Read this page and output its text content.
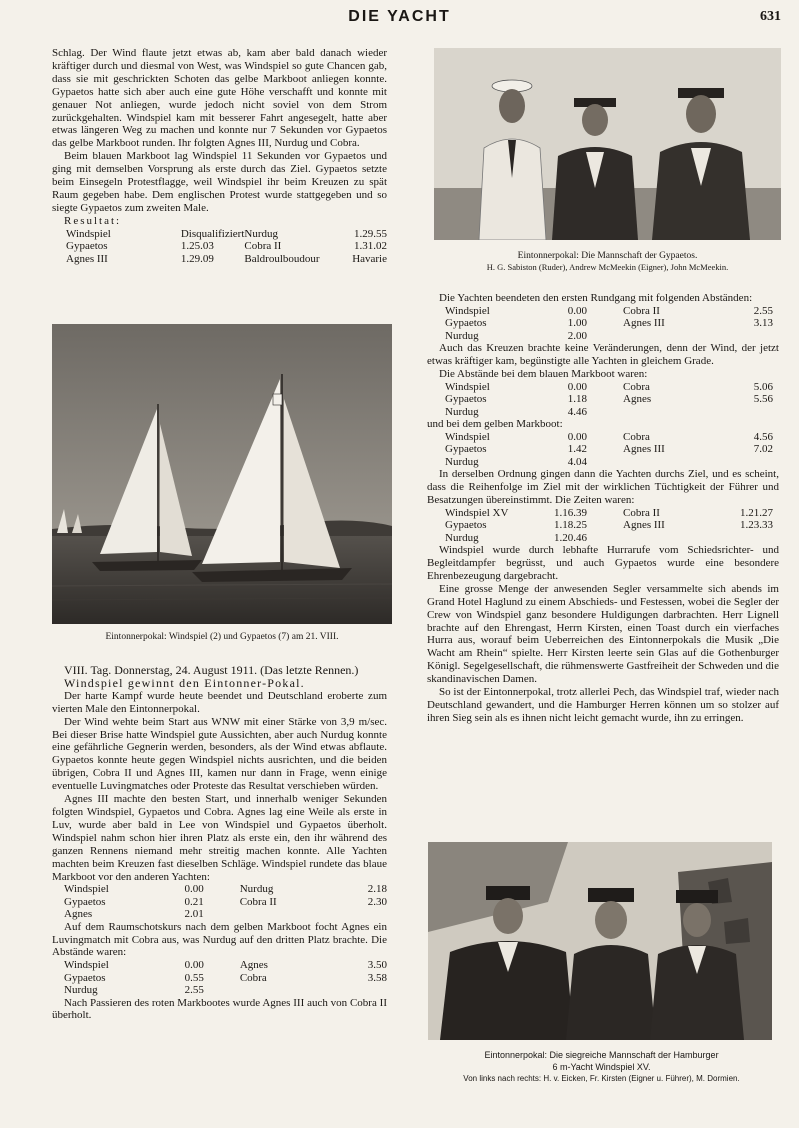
DIE YACHT	631

Schlag. Der Wind flaute jetzt etwas ab, kam aber bald danach wieder kräftiger durch und diesmal von West, was Windspiel so gute Chancen gab, dass sie mit geschrickten Schoten das gelbe Markboot anliegen konnte. Gypaetos hatte sich aber auch eine gute Höhe verschafft und konnte mit genauer Not anliegen, wurde jedoch nicht soviel von dem Strom zurückgehalten. Windspiel kam mit besserer Fahrt angesegelt, hatte aber etwas längeren Weg zu machen und konnte nur 7 Sekunden vor Gypaetos das gelbe Markboot runden. Ihr folgten Agnes III, Nurdug und Cobra.

Beim blauen Markboot lag Windspiel 11 Sekunden vor Gypaetos und ging mit demselben Vorsprung als erste durch das Ziel. Gypaetos setzte beim Einsegeln Protestflagge, weil Windspiel ihr beim Kreuzen zu spät Raum gegeben habe. Dem englischen Protest wurde stattgegeben und so siegte Gypaetos zum zweiten Male.

Resultat:

Windspiel	Disqualifiziert	Nurdug	1.29.55
Gypaetos	1.25.03	Cobra II	1.31.02
Agnes III	1.29.09	Baldroulboudour	Havarie
Eintonnerpokal: Windspiel (2) und Gypaetos (7) am 21. VIII.

VIII. Tag. Donnerstag, 24. August 1911. (Das letzte Rennen.)

Windspiel gewinnt den Eintonner-Pokal.

Der harte Kampf wurde heute beendet und Deutschland eroberte zum vierten Male den Eintonnerpokal.

Der Wind wehte beim Start aus WNW mit einer Stärke von 3,9 m/sec. Bei dieser Brise hatte Windspiel gute Aussichten, aber auch Nurdug konnte eine gefährliche Gegnerin werden, besonders, als der Wind etwas abflaute. Gypaetos konnte heute gegen Windspiel nichts ausrichten, und die beiden übrigen, Cobra II und Agnes III, kamen nur dann in Frage, wenn einige eventuelle Luvingmatches oder Proteste das Resultat verschieben würden.

Agnes III machte den besten Start, und innerhalb weniger Sekunden folgten Windspiel, Gypaetos und Cobra. Agnes lag eine Weile als erste in Luv, wurde aber bald in Lee von Windspiel und Gypaetos überholt. Windspiel nahm schon hier ihren Platz als erste ein, den ihr während des ganzen Rennens niemand mehr streitig machen konnte. Alle Yachten machten beim Kreuzen fast dieselben Schläge. Windspiel rundete das blaue Markboot vor den anderen Yachten:

Windspiel	0.00	Nurdug	2.18
Gypaetos	0.21	Cobra II	2.30
Agnes	2.01		

Auf dem Raumschotskurs nach dem gelben Markboot focht Agnes ein Luvingmatch mit Cobra aus, was Nurdug auf den dritten Platz brachte. Die Abstände waren:

Windspiel	0.00	Agnes	3.50
Gypaetos	0.55	Cobra	3.58
Nurdug	2.55		

Nach Passieren des roten Markbootes wurde Agnes III auch von Cobra II überholt.

Eintonnerpokal: Die Mannschaft der Gypaetos.
H. G. Sabiston (Ruder), Andrew McMeekin (Eigner), John McMeekin.

Die Yachten beendeten den ersten Rundgang mit folgenden Abständen:

Windspiel	0.00	Cobra II	2.55
Gypaetos	1.00	Agnes III	3.13
Nurdug	2.00		

Auch das Kreuzen brachte keine Veränderungen, denn der Wind, der jetzt etwas kräftiger kam, begünstigte alle Yachten in gleichem Grade.

Die Abstände bei dem blauen Markboot waren:

Windspiel	0.00	Cobra	5.06
Gypaetos	1.18	Agnes	5.56
Nurdug	4.46		

und bei dem gelben Markboot:

Windspiel	0.00	Cobra	4.56
Gypaetos	1.42	Agnes III	7.02
Nurdug	4.04		

In derselben Ordnung gingen dann die Yachten durchs Ziel, und es scheint, dass die Reihenfolge im Ziel mit der wirklichen Tüchtigkeit der Führer und Besatzungen übereinstimmt. Die Zeiten waren:

Windspiel XV	1.16.39	Cobra II	1.21.27
Gypaetos	1.18.25	Agnes III	1.23.33
Nurdug	1.20.46		

Windspiel wurde durch lebhafte Hurrarufe vom Schiedsrichter- und Begleitdampfer begrüsst, und auch Gypaetos wurde eine besondere Ehrenbezeugung dargebracht.

Eine grosse Menge der anwesenden Segler versammelte sich abends im Grand Hotel Haglund zu einem Abschieds- und Festessen, wobei die Segler der Crew von Windspiel ganz besondere Huldigungen darbrachten. Herr Lignell brachte auf den Ehrengast, Herrn Kirsten, einen Toast durch ein vierfaches Hurra aus, worauf beim Ueberreichen des Eintonnerpokals die Musik „Die Wacht am Rhein“ spielte. Herr Kirsten leerte sein Glas auf die Gothenburger Königl. Segelgesellschaft, die rühmenswerte Gastfreiheit der Schweden und die skandinavischen Damen.

So ist der Eintonnerpokal, trotz allerlei Pech, das Windspiel traf, wieder nach Deutschland gewandert, und die Hamburger Herren können um so stolzer auf ihren Sieg sein als es ihnen nicht leicht gemacht wurde, ihn zu erringen.

Eintonnerpokal: Die siegreiche Mannschaft der Hamburger
6 m-Yacht Windspiel XV.
Von links nach rechts: H. v. Eicken, Fr. Kirsten (Eigner u. Führer), M. Dormien.
